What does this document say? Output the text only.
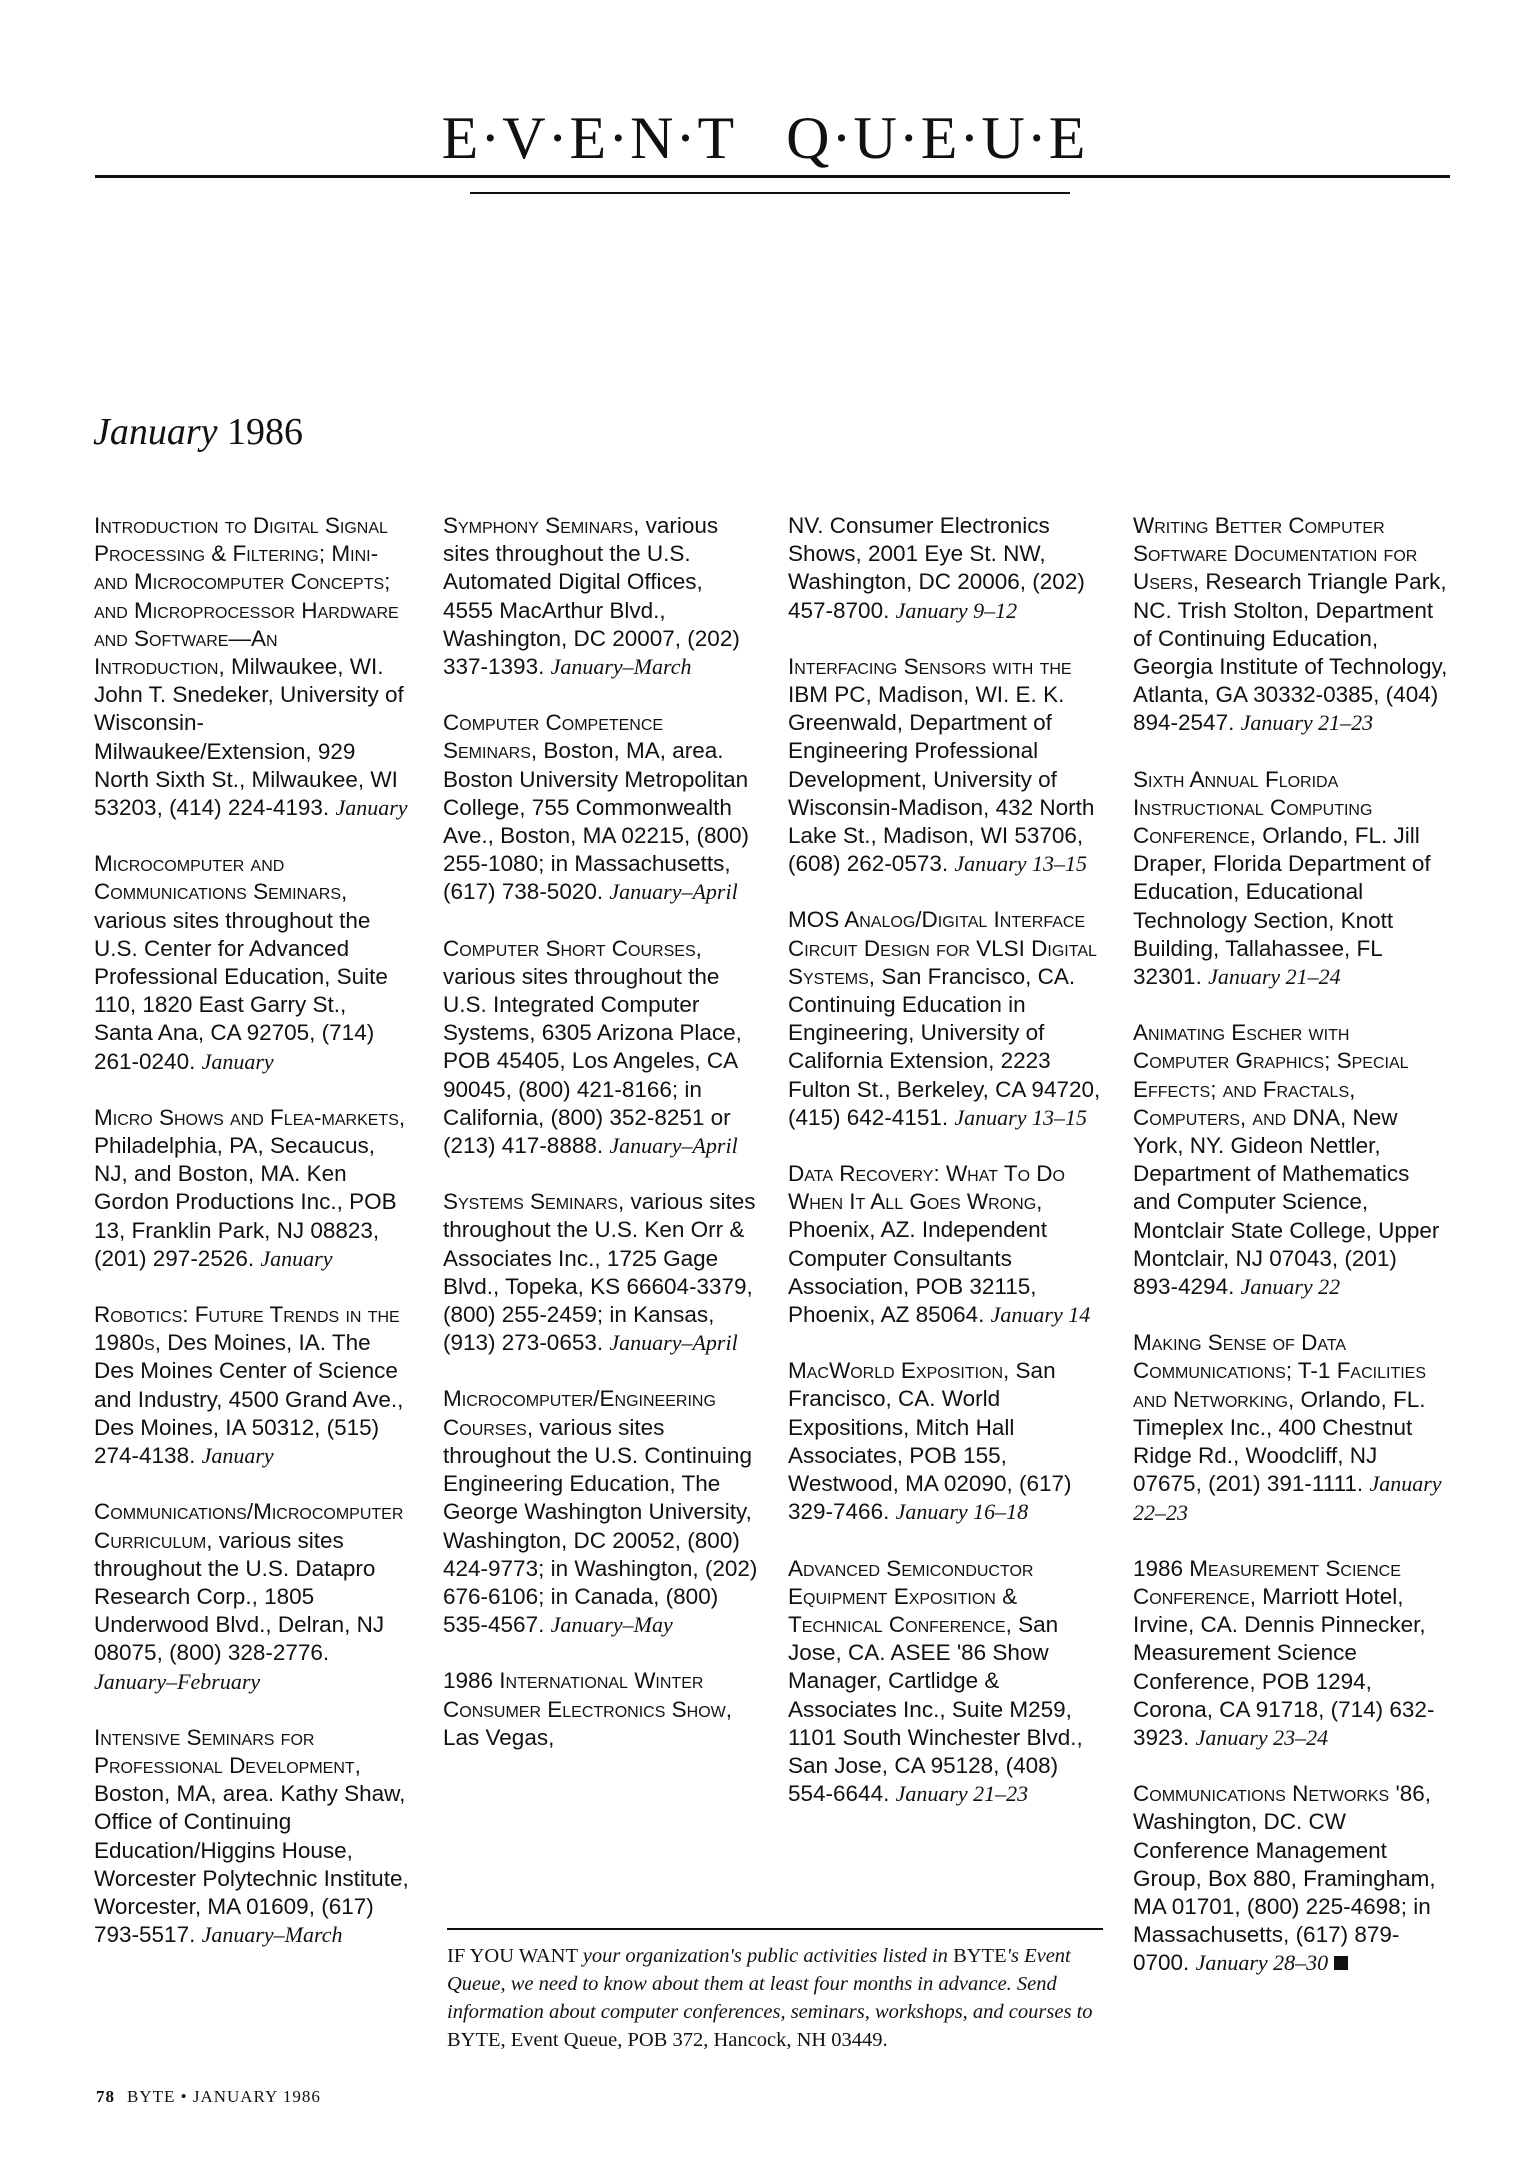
E·V·E·N·T Q·U·E·U·E
January 1986
Introduction to Digital Signal Processing & Filtering; Mini- and Microcomputer Concepts; and Microprocessor Hardware and Software—An Introduction, Milwaukee, WI. John T. Snedeker, University of Wisconsin-Milwaukee/Extension, 929 North Sixth St., Milwaukee, WI 53203, (414) 224-4193. January
Microcomputer and Communications Seminars, various sites throughout the U.S. Center for Advanced Professional Education, Suite 110, 1820 East Garry St., Santa Ana, CA 92705, (714) 261-0240. January
Micro Shows and Flea-markets, Philadelphia, PA, Secaucus, NJ, and Boston, MA. Ken Gordon Productions Inc., POB 13, Franklin Park, NJ 08823, (201) 297-2526. January
Robotics: Future Trends in the 1980s, Des Moines, IA. The Des Moines Center of Science and Industry, 4500 Grand Ave., Des Moines, IA 50312, (515) 274-4138. January
Communications/Microcomputer Curriculum, various sites throughout the U.S. Datapro Research Corp., 1805 Underwood Blvd., Delran, NJ 08075, (800) 328-2776. January–February
Intensive Seminars for Professional Development, Boston, MA, area. Kathy Shaw, Office of Continuing Education/Higgins House, Worcester Polytechnic Institute, Worcester, MA 01609, (617) 793-5517. January–March
Symphony Seminars, various sites throughout the U.S. Automated Digital Offices, 4555 MacArthur Blvd., Washington, DC 20007, (202) 337-1393. January–March
Computer Competence Seminars, Boston, MA, area. Boston University Metropolitan College, 755 Commonwealth Ave., Boston, MA 02215, (800) 255-1080; in Massachusetts, (617) 738-5020. January–April
Computer Short Courses, various sites throughout the U.S. Integrated Computer Systems, 6305 Arizona Place, POB 45405, Los Angeles, CA 90045, (800) 421-8166; in California, (800) 352-8251 or (213) 417-8888. January–April
Systems Seminars, various sites throughout the U.S. Ken Orr & Associates Inc., 1725 Gage Blvd., Topeka, KS 66604-3379, (800) 255-2459; in Kansas, (913) 273-0653. January–April
Microcomputer/Engineering Courses, various sites throughout the U.S. Continuing Engineering Education, The George Washington University, Washington, DC 20052, (800) 424-9773; in Washington, (202) 676-6106; in Canada, (800) 535-4567. January–May
1986 International Winter Consumer Electronics Show, Las Vegas,
NV. Consumer Electronics Shows, 2001 Eye St. NW, Washington, DC 20006, (202) 457-8700. January 9–12
Interfacing Sensors with the IBM PC, Madison, WI. E. K. Greenwald, Department of Engineering Professional Development, University of Wisconsin-Madison, 432 North Lake St., Madison, WI 53706, (608) 262-0573. January 13–15
MOS Analog/Digital Interface Circuit Design for VLSI Digital Systems, San Francisco, CA. Continuing Education in Engineering, University of California Extension, 2223 Fulton St., Berkeley, CA 94720, (415) 642-4151. January 13–15
Data Recovery: What To Do When It All Goes Wrong, Phoenix, AZ. Independent Computer Consultants Association, POB 32115, Phoenix, AZ 85064. January 14
MacWorld Exposition, San Francisco, CA. World Expositions, Mitch Hall Associates, POB 155, Westwood, MA 02090, (617) 329-7466. January 16–18
Advanced Semiconductor Equipment Exposition & Technical Conference, San Jose, CA. ASEE '86 Show Manager, Cartlidge & Associates Inc., Suite M259, 1101 South Winchester Blvd., San Jose, CA 95128, (408) 554-6644. January 21–23
Writing Better Computer Software Documentation for Users, Research Triangle Park, NC. Trish Stolton, Department of Continuing Education, Georgia Institute of Technology, Atlanta, GA 30332-0385, (404) 894-2547. January 21–23
Sixth Annual Florida Instructional Computing Conference, Orlando, FL. Jill Draper, Florida Department of Education, Educational Technology Section, Knott Building, Tallahassee, FL 32301. January 21–24
Animating Escher with Computer Graphics; Special Effects; and Fractals, Computers, and DNA, New York, NY. Gideon Nettler, Department of Mathematics and Computer Science, Montclair State College, Upper Montclair, NJ 07043, (201) 893-4294. January 22
Making Sense of Data Communications; T-1 Facilities and Networking, Orlando, FL. Timeplex Inc., 400 Chestnut Ridge Rd., Woodcliff, NJ 07675, (201) 391-1111. January 22–23
1986 Measurement Science Conference, Marriott Hotel, Irvine, CA. Dennis Pinnecker, Measurement Science Conference, POB 1294, Corona, CA 91718, (714) 632-3923. January 23–24
Communications Networks '86, Washington, DC. CW Conference Management Group, Box 880, Framingham, MA 01701, (800) 225-4698; in Massachusetts, (617) 879-0700. January 28–30
IF YOU WANT your organization's public activities listed in BYTE's Event Queue, we need to know about them at least four months in advance. Send information about computer conferences, seminars, workshops, and courses to BYTE, Event Queue, POB 372, Hancock, NH 03449.
78 BYTE • JANUARY 1986
